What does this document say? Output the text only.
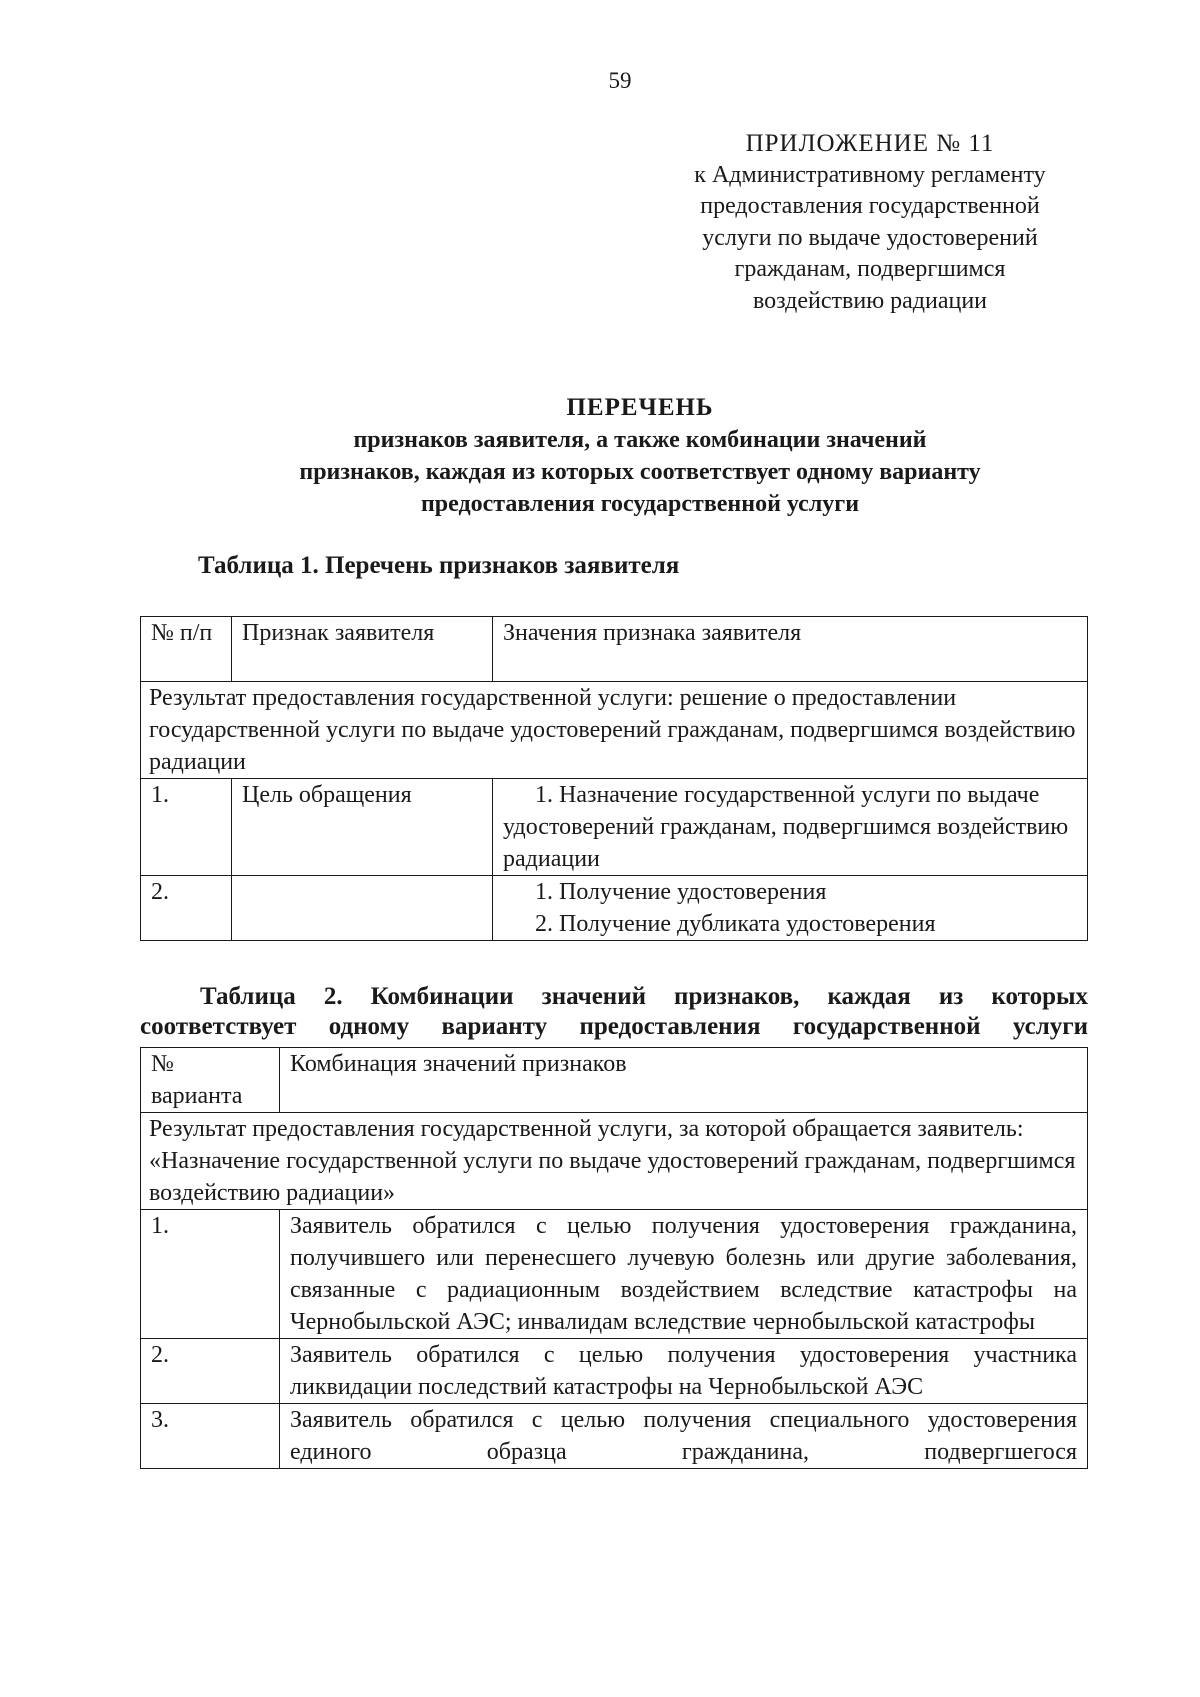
59
ПРИЛОЖЕНИЕ № 11
к Административному регламенту
предоставления государственной
услуги по выдаче удостоверений
гражданам, подвергшимся
воздействию радиации
ПЕРЕЧЕНЬ
признаков заявителя, а также комбинации значений
признаков, каждая из которых соответствует одному варианту
предоставления государственной услуги
Таблица 1. Перечень признаков заявителя
№ п/п	Признак заявителя	Значения признака заявителя
Результат предоставления государственной услуги: решение о предоставлении государственной услуги по выдаче удостоверений гражданам, подвергшимся воздействию радиации		
1.	Цель обращения	1. Назначение государственной услуги по выдаче удостоверений гражданам, подвергшимся воздействию радиации
2.		1. Получение удостоверения
2. Получение дубликата удостоверения
Таблица 2. Комбинации значений признаков, каждая из которых соответствует одному варианту предоставления государственной услуги
№ варианта	Комбинация значений признаков
Результат предоставления государственной услуги, за которой обращается заявитель: «Назначение государственной услуги по выдаче удостоверений гражданам, подвергшимся воздействию радиации»	
1.	Заявитель обратился с целью получения удостоверения гражданина, получившего или перенесшего лучевую болезнь или другие заболевания, связанные с радиационным воздействием вследствие катастрофы на Чернобыльской АЭС; инвалидам вследствие чернобыльской катастрофы
2.	Заявитель обратился с целью получения удостоверения участника ликвидации последствий катастрофы на Чернобыльской АЭС
3.	Заявитель обратился с целью получения специального удостоверения единого образца гражданина, подвергшегося
